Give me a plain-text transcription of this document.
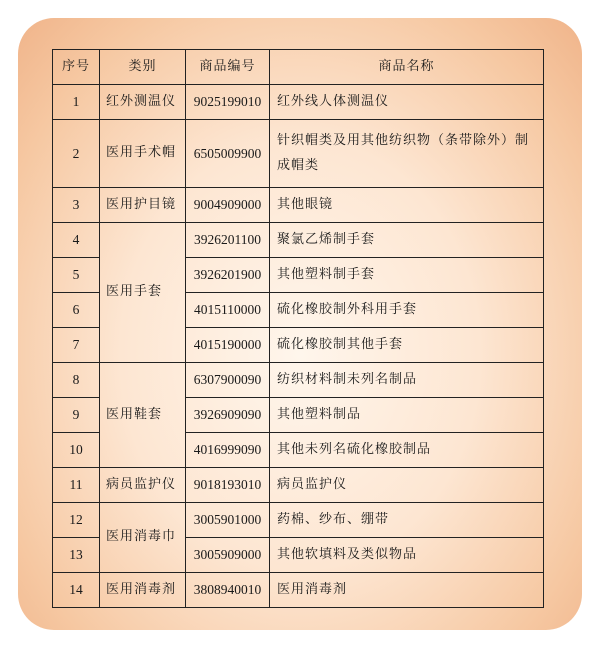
序号	类别	商品编号	商品名称
1	红外测温仪	9025199010	红外线人体测温仪
2	医用手术帽	6505009900	针织帽类及用其他纺织物（条带除外）制成帽类
3	医用护目镜	9004909000	其他眼镜
4	医用手套	3926201100	聚氯乙烯制手套
5		3926201900	其他塑料制手套
6		4015110000	硫化橡胶制外科用手套
7		4015190000	硫化橡胶制其他手套
8	医用鞋套	6307900090	纺织材料制未列名制品
9		3926909090	其他塑料制品
10		4016999090	其他未列名硫化橡胶制品
11	病员监护仪	9018193010	病员监护仪
12	医用消毒巾	3005901000	药棉、纱布、绷带
13		3005909000	其他软填料及类似物品
14	医用消毒剂	3808940010	医用消毒剂
